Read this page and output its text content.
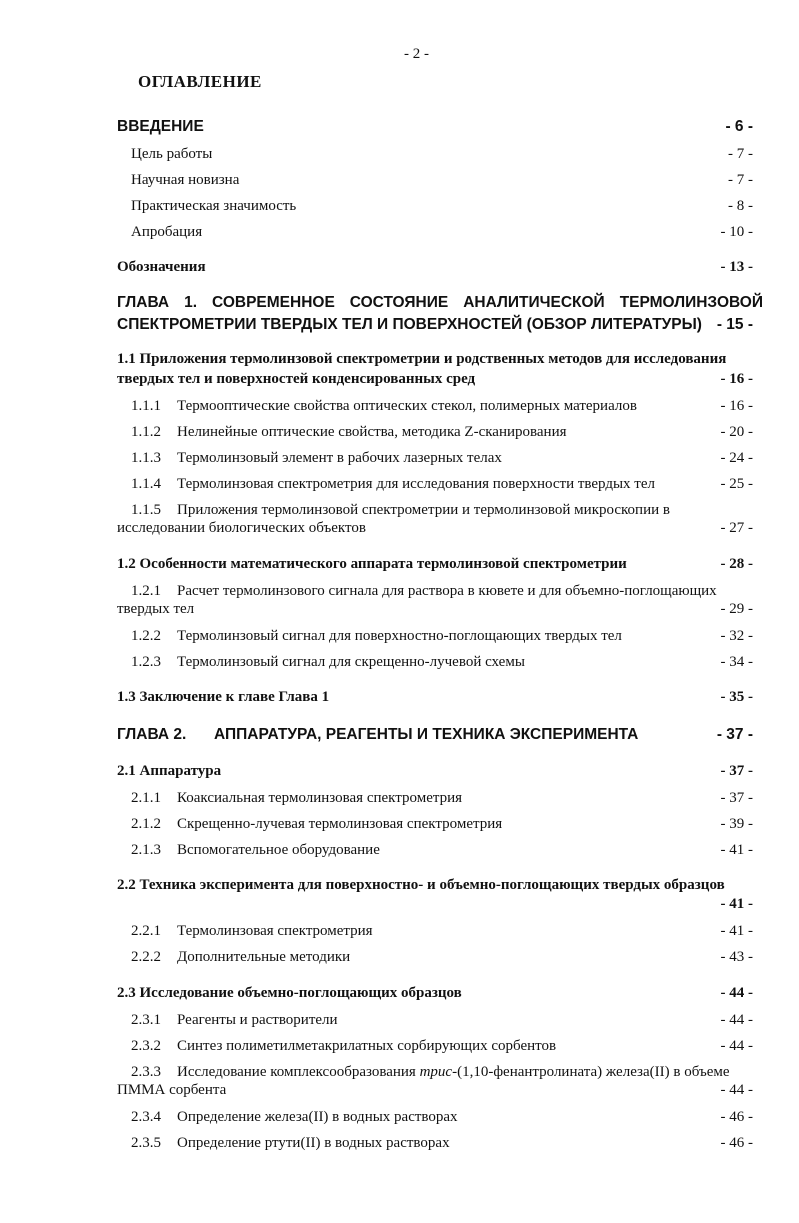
- 2 -
ОГЛАВЛЕНИЕ
ВВЕДЕНИЕ	- 6 -
Цель работы	- 7 -
Научная новизна	- 7 -
Практическая значимость	- 8 -
Апробация	- 10 -
Обозначения	- 13 -
ГЛАВА 1. СОВРЕМЕННОЕ СОСТОЯНИЕ АНАЛИТИЧЕСКОЙ ТЕРМОЛИНЗОВОЙ
СПЕКТРОМЕТРИИ ТВЕРДЫХ ТЕЛ И ПОВЕРХНОСТЕЙ (ОБЗОР ЛИТЕРАТУРЫ) - 15 -
1.1 Приложения термолинзовой спектрометрии и родственных методов для исследования
твердых тел и поверхностей конденсированных сред	- 16 -
1.1.1 Термооптические свойства оптических стекол, полимерных материалов	- 16 -
1.1.2 Нелинейные оптические свойства, методика Z-сканирования	- 20 -
1.1.3 Термолинзовый элемент в рабочих лазерных телах	- 24 -
1.1.4 Термолинзовая спектрометрия для исследования поверхности твердых тел	- 25 -
1.1.5 Приложения термолинзовой спектрометрии и термолинзовой микроскопии в
исследовании биологических объектов	- 27 -
1.2 Особенности математического аппарата термолинзовой спектрометрии	- 28 -
1.2.1 Расчет термолинзового сигнала для раствора в кювете и для объемно-поглощающих
твердых тел	- 29 -
1.2.2 Термолинзовый сигнал для поверхностно-поглощающих твердых тел	- 32 -
1.2.3 Термолинзовый сигнал для скрещенно-лучевой схемы	- 34 -
1.3 Заключение к главе Глава 1	- 35 -
ГЛАВА 2. АППАРАТУРА, РЕАГЕНТЫ И ТЕХНИКА ЭКСПЕРИМЕНТА	- 37 -
2.1 Аппаратура	- 37 -
2.1.1 Коаксиальная термолинзовая спектрометрия	- 37 -
2.1.2 Скрещенно-лучевая термолинзовая спектрометрия	- 39 -
2.1.3 Вспомогательное оборудование	- 41 -
2.2 Техника эксперимента для поверхностно- и объемно-поглощающих твердых образцов
- 41 -
2.2.1 Термолинзовая спектрометрия	- 41 -
2.2.2 Дополнительные методики	- 43 -
2.3 Исследование объемно-поглощающих образцов	- 44 -
2.3.1 Реагенты и растворители	- 44 -
2.3.2 Синтез полиметилметакрилатных сорбирующих сорбентов	- 44 -
2.3.3 Исследование комплексообразования трис-(1,10-фенантролината) железа(II) в объеме
ПММА сорбента	- 44 -
2.3.4 Определение железа(II) в водных растворах	- 46 -
2.3.5 Определение ртути(II) в водных растворах	- 46 -
